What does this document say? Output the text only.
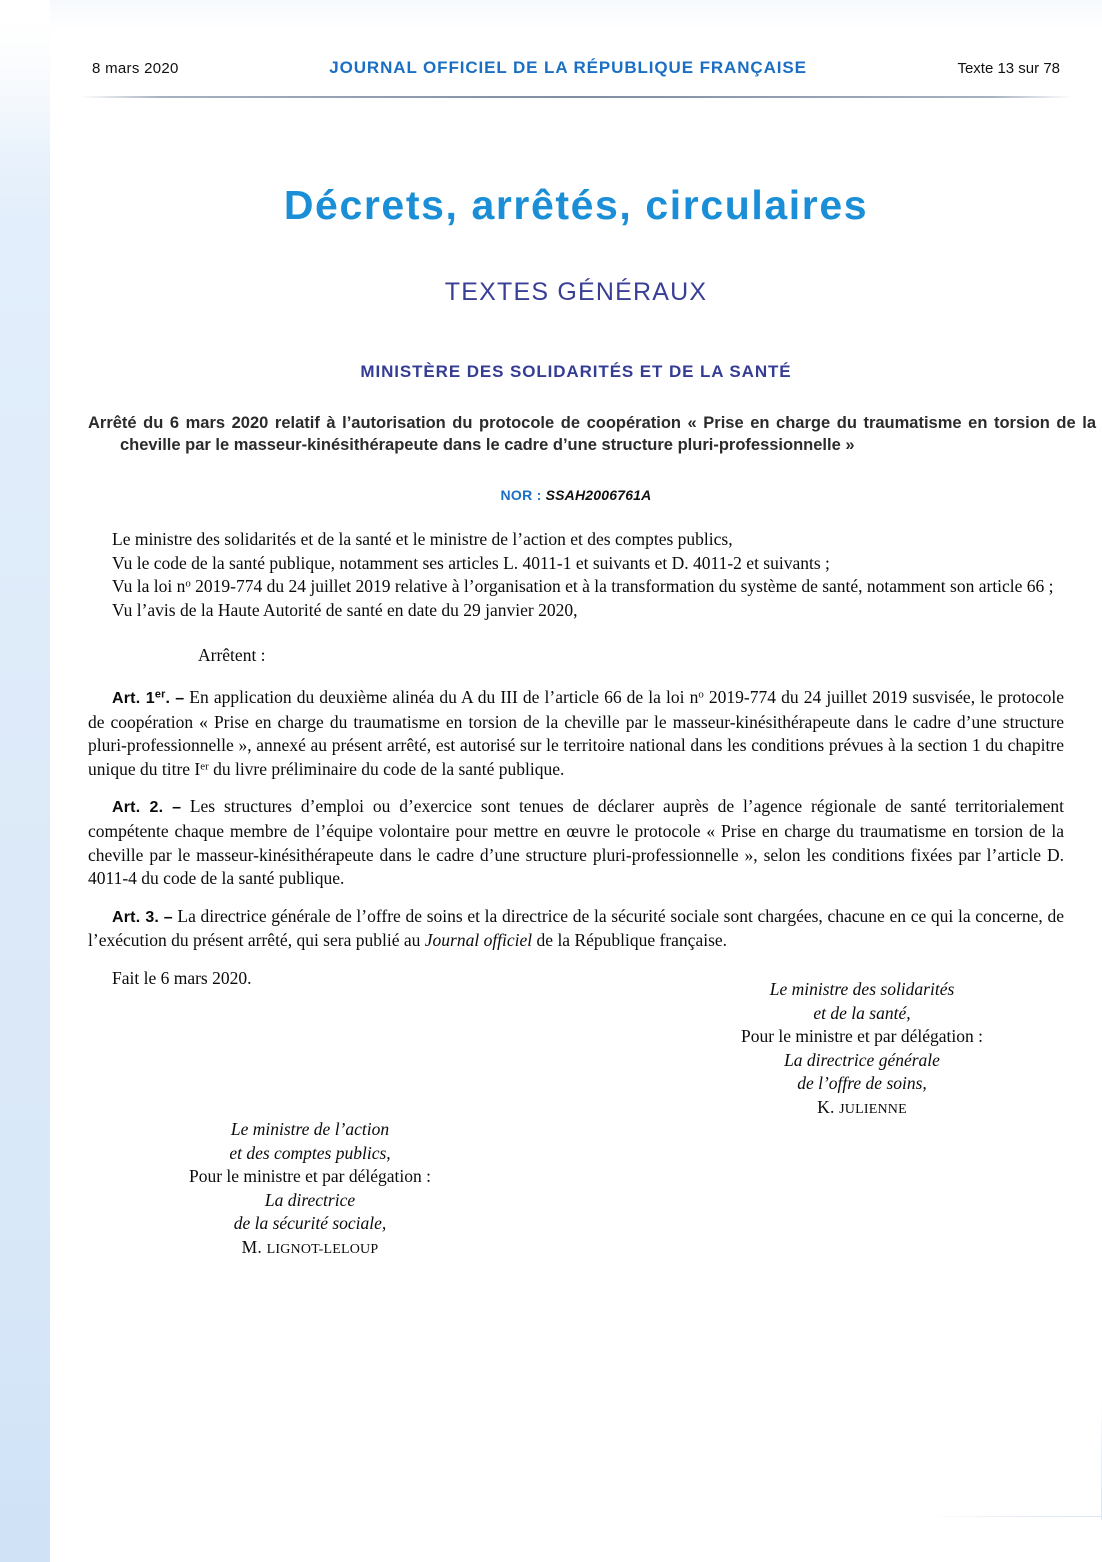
8 mars 2020	JOURNAL OFFICIEL DE LA RÉPUBLIQUE FRANÇAISE	Texte 13 sur 78
Décrets, arrêtés, circulaires
TEXTES GÉNÉRAUX
MINISTÈRE DES SOLIDARITÉS ET DE LA SANTÉ
Arrêté du 6 mars 2020 relatif à l’autorisation du protocole de coopération « Prise en charge du traumatisme en torsion de la cheville par le masseur-kinésithérapeute dans le cadre d’une structure pluri-professionnelle »
NOR : SSAH2006761A

Le ministre des solidarités et de la santé et le ministre de l’action et des comptes publics,

Vu le code de la santé publique, notamment ses articles L. 4011-1 et suivants et D. 4011-2 et suivants ;

Vu la loi $n^o$ 2019-774 du 24 juillet 2019 relative à l’organisation et à la transformation du système de santé, notamment son article 66 ;

Vu l’avis de la Haute Autorité de santé en date du 29 janvier 2020,

Arrêtent :

Art. 1er. – En application du deuxième alinéa du A du III de l’article 66 de la loi $n^o$ 2019-774 du 24 juillet 2019 susvisée, le protocole de coopération « Prise en charge du traumatisme en torsion de la cheville par le masseur-kinésithérapeute dans le cadre d’une structure pluri-professionnelle », annexé au présent arrêté, est autorisé sur le territoire national dans les conditions prévues à la section 1 du chapitre unique du titre Ier du livre préliminaire du code de la santé publique.

Art. 2. – Les structures d’emploi ou d’exercice sont tenues de déclarer auprès de l’agence régionale de santé territorialement compétente chaque membre de l’équipe volontaire pour mettre en œuvre le protocole « Prise en charge du traumatisme en torsion de la cheville par le masseur-kinésithérapeute dans le cadre d’une structure pluri-professionnelle », selon les conditions fixées par l’article D. 4011-4 du code de la santé publique.

Art. 3. – La directrice générale de l’offre de soins et la directrice de la sécurité sociale sont chargées, chacune en ce qui la concerne, de l’exécution du présent arrêté, qui sera publié au Journal officiel de la République française.

Fait le 6 mars 2020.

Le ministre des solidarités
et de la santé,
Pour le ministre et par délégation :
La directrice générale
de l’offre de soins,
K. JULIENNE
Le ministre de l’action
et des comptes publics,
Pour le ministre et par délégation :
La directrice
de la sécurité sociale,
M. LIGNOT-LELOUP
